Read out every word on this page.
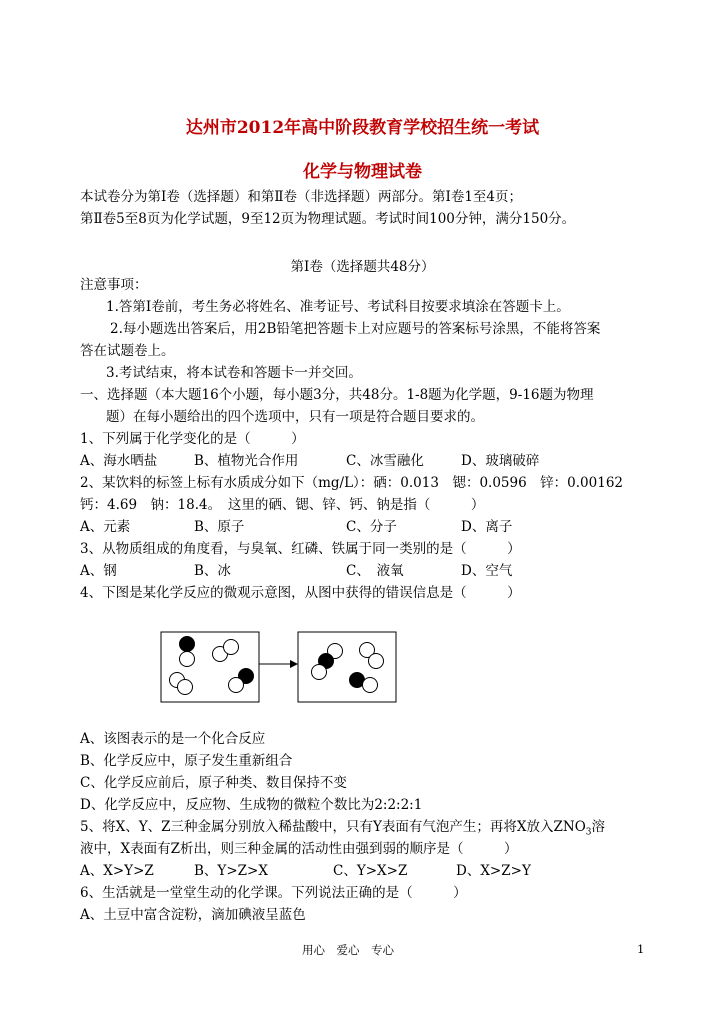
达州市2012年高中阶段教育学校招生统一考试
化学与物理试卷
本试卷分为第Ⅰ卷（选择题）和第Ⅱ卷（非选择题）两部分。第Ⅰ卷1至4页；
第Ⅱ卷5至8页为化学试题，9至12页为物理试题。考试时间100分钟，满分150分。
第Ⅰ卷（选择题共48分）
注意事项：
1.答第Ⅰ卷前，考生务必将姓名、准考证号、考试科目按要求填涂在答题卡上。
2.每小题选出答案后，用2B铅笔把答题卡上对应题号的答案标号涂黑，不能将答案
答在试题卷上。
3.考试结束，将本试卷和答题卡一并交回。
一、选择题（本大题16个小题，每小题3分，共48分。1-8题为化学题，9-16题为物理
题）在每小题给出的四个选项中，只有一项是符合题目要求的。
1、下列属于化学变化的是（　　　）
A、海水晒盐	B、植物光合作用	C、冰雪融化	D、玻璃破碎
2、某饮料的标签上标有水质成分如下（mg/L）：硒：0.013　锶：0.0596　锌：0.00162
钙：4.69　钠：18.4。　这里的硒、锶、锌、钙、钠是指（　　　）
A、元素	B、原子	C、分子	D、离子
3、从物质组成的角度看，与臭氧、红磷、铁属于同一类别的是（　　　）
A、钢	B、冰	C、　液氧	D、空气
4、下图是某化学反应的微观示意图，从图中获得的错误信息是（　　　）
A、该图表示的是一个化合反应
B、化学反应中，原子发生重新组合
C、化学反应前后，原子种类、数目保持不变
D、化学反应中，反应物、生成物的微粒个数比为2:2:2:1
5、将X、Y、Z三种金属分别放入稀盐酸中，只有Y表面有气泡产生；再将X放入$ZNO_3$溶
液中，X表面有Z析出，则三种金属的活动性由强到弱的顺序是（　　　）
A、X>Y>Z	B、Y>Z>X	C、Y>X>Z	D、X>Z>Y
6、生活就是一堂堂生动的化学课。下列说法正确的是（　　　）
A、土豆中富含淀粉，滴加碘液呈蓝色
用心　爱心　专心	1
